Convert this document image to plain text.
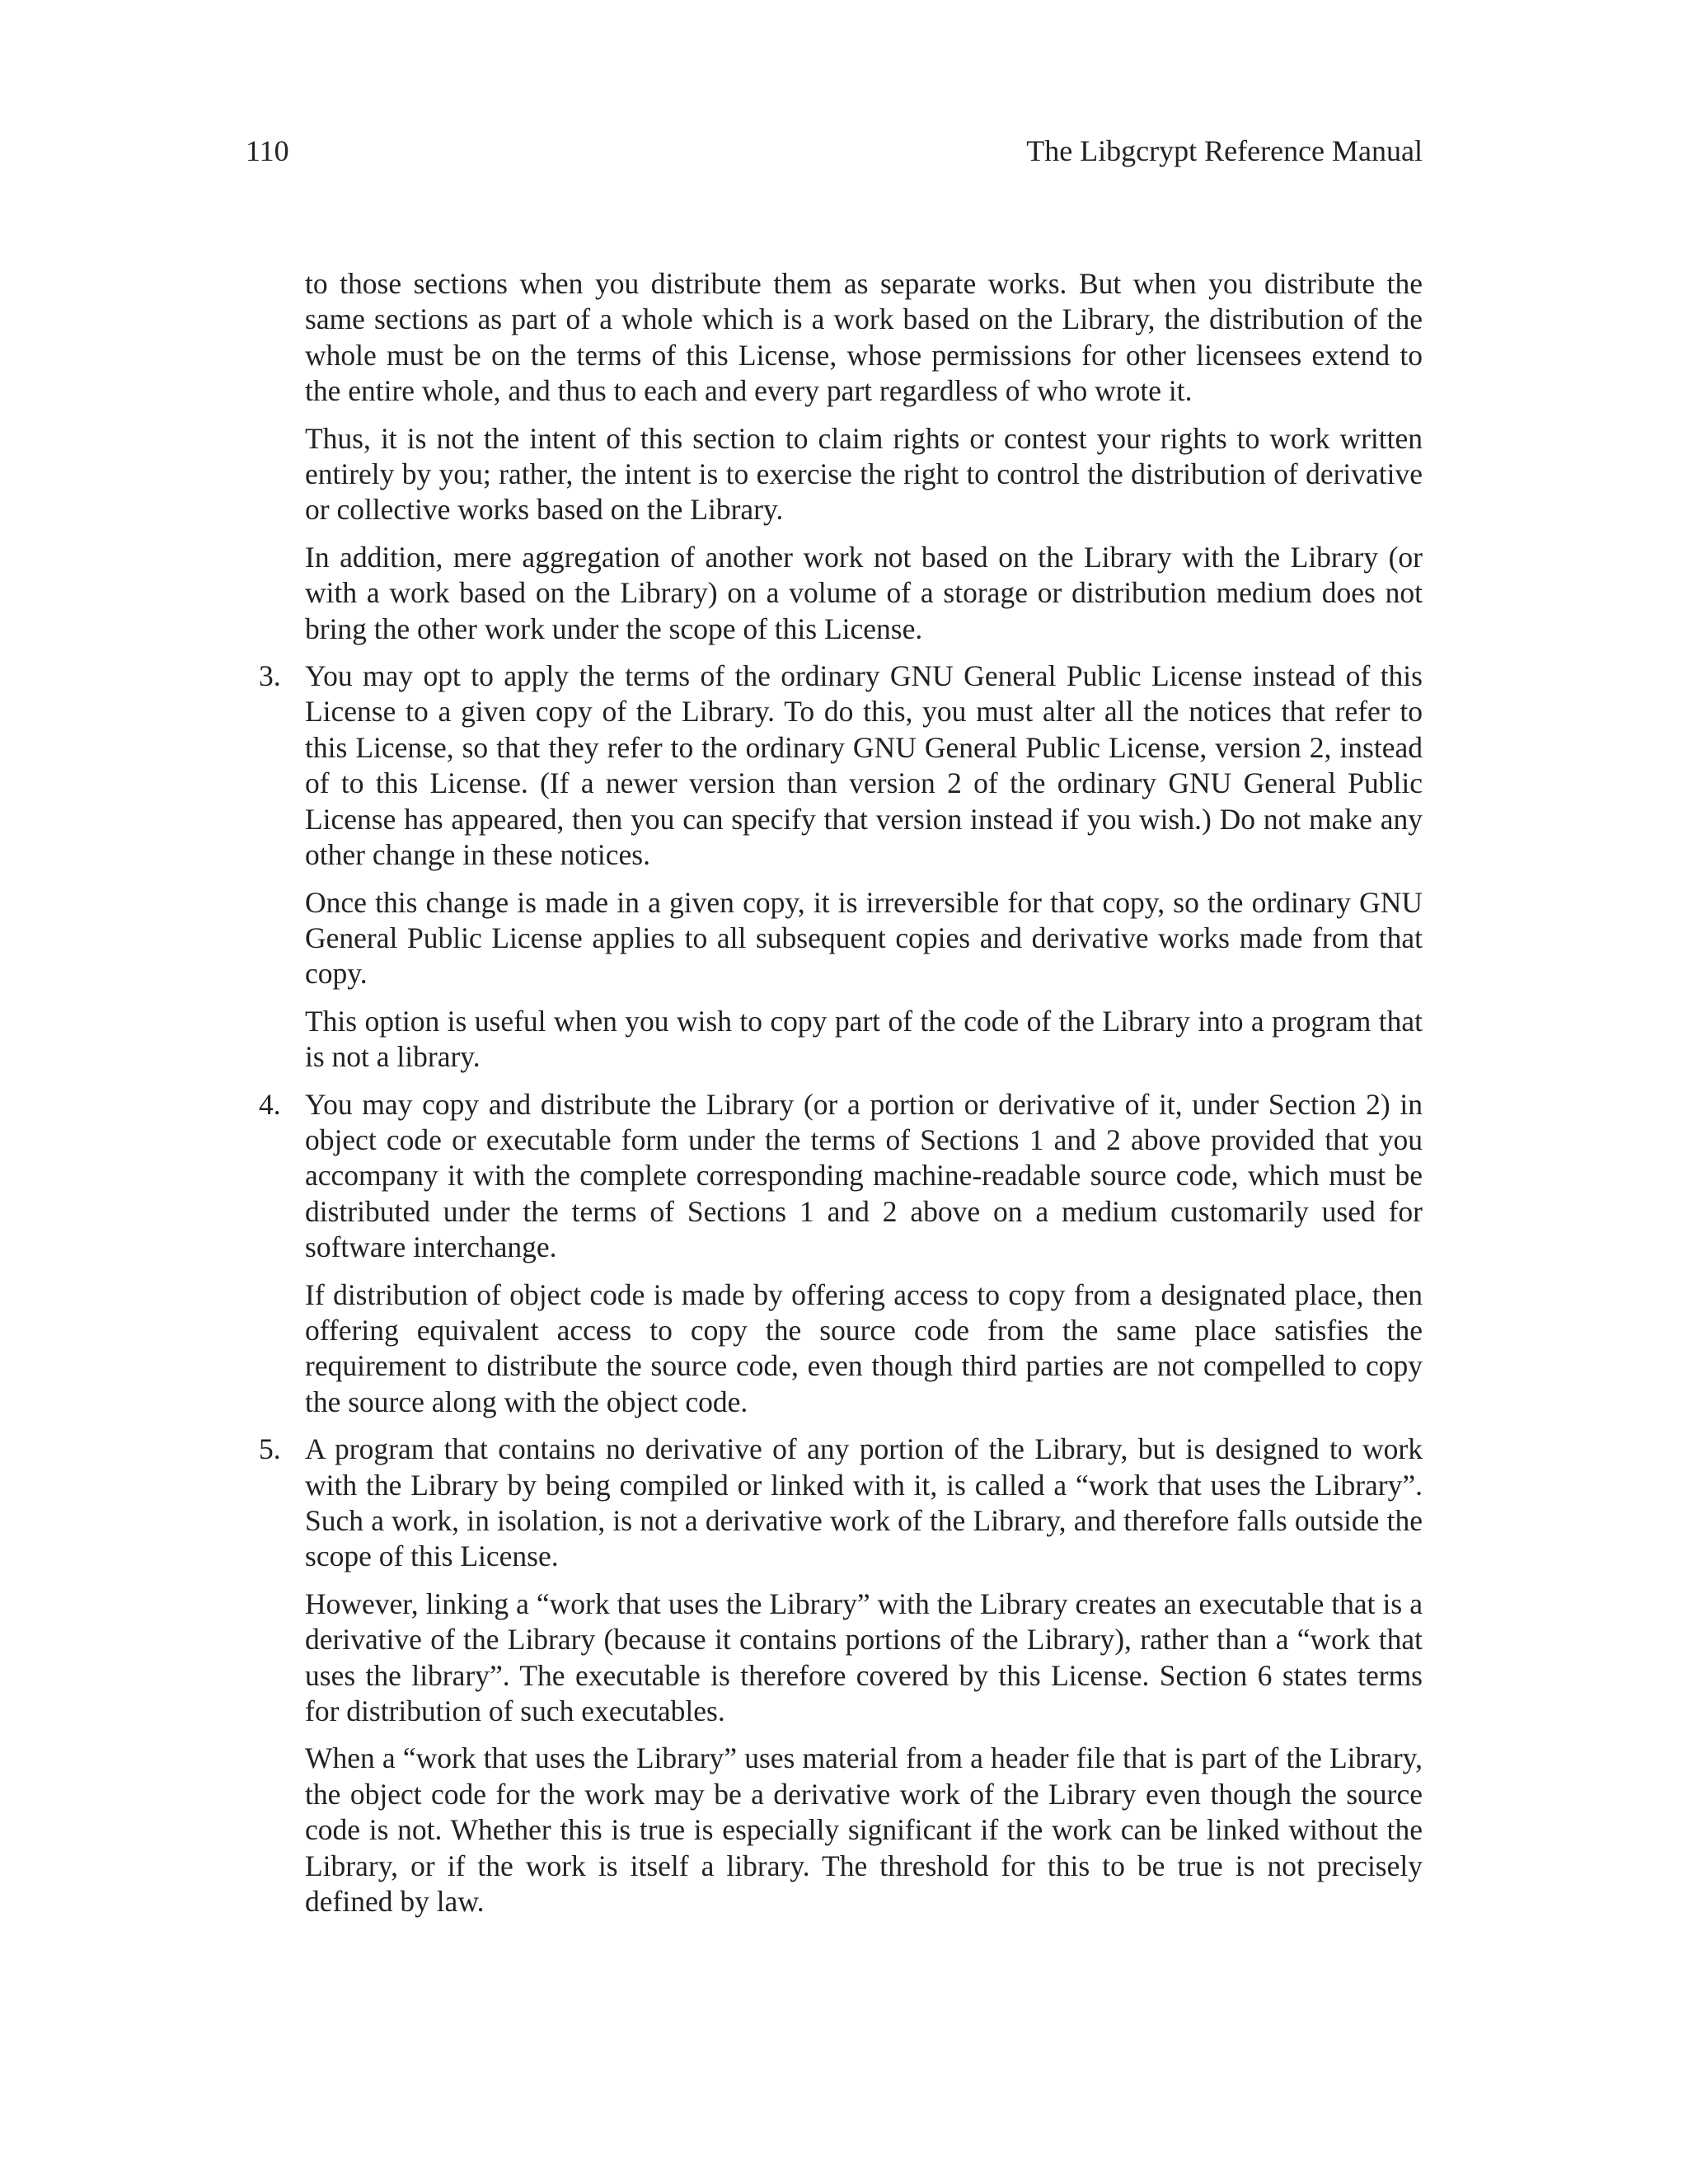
110	The Libgcrypt Reference Manual

to those sections when you distribute them as separate works. But when you distribute the same sections as part of a whole which is a work based on the Library, the distribution of the whole must be on the terms of this License, whose permissions for other licensees extend to the entire whole, and thus to each and every part regardless of who wrote it.

Thus, it is not the intent of this section to claim rights or contest your rights to work written entirely by you; rather, the intent is to exercise the right to control the distribution of derivative or collective works based on the Library.

In addition, mere aggregation of another work not based on the Library with the Library (or with a work based on the Library) on a volume of a storage or distribution medium does not bring the other work under the scope of this License.

3. You may opt to apply the terms of the ordinary GNU General Public License instead of this License to a given copy of the Library. To do this, you must alter all the notices that refer to this License, so that they refer to the ordinary GNU General Public License, version 2, instead of to this License. (If a newer version than version 2 of the ordinary GNU General Public License has appeared, then you can specify that version instead if you wish.) Do not make any other change in these notices.

Once this change is made in a given copy, it is irreversible for that copy, so the ordinary GNU General Public License applies to all subsequent copies and derivative works made from that copy.

This option is useful when you wish to copy part of the code of the Library into a program that is not a library.

4. You may copy and distribute the Library (or a portion or derivative of it, under Section 2) in object code or executable form under the terms of Sections 1 and 2 above provided that you accompany it with the complete corresponding machine-readable source code, which must be distributed under the terms of Sections 1 and 2 above on a medium customarily used for software interchange.

If distribution of object code is made by offering access to copy from a designated place, then offering equivalent access to copy the source code from the same place satisfies the requirement to distribute the source code, even though third parties are not compelled to copy the source along with the object code.

5. A program that contains no derivative of any portion of the Library, but is designed to work with the Library by being compiled or linked with it, is called a “work that uses the Library”. Such a work, in isolation, is not a derivative work of the Library, and therefore falls outside the scope of this License.

However, linking a “work that uses the Library” with the Library creates an executable that is a derivative of the Library (because it contains portions of the Library), rather than a “work that uses the library”. The executable is therefore covered by this License. Section 6 states terms for distribution of such executables.

When a “work that uses the Library” uses material from a header file that is part of the Library, the object code for the work may be a derivative work of the Library even though the source code is not. Whether this is true is especially significant if the work can be linked without the Library, or if the work is itself a library. The threshold for this to be true is not precisely defined by law.
